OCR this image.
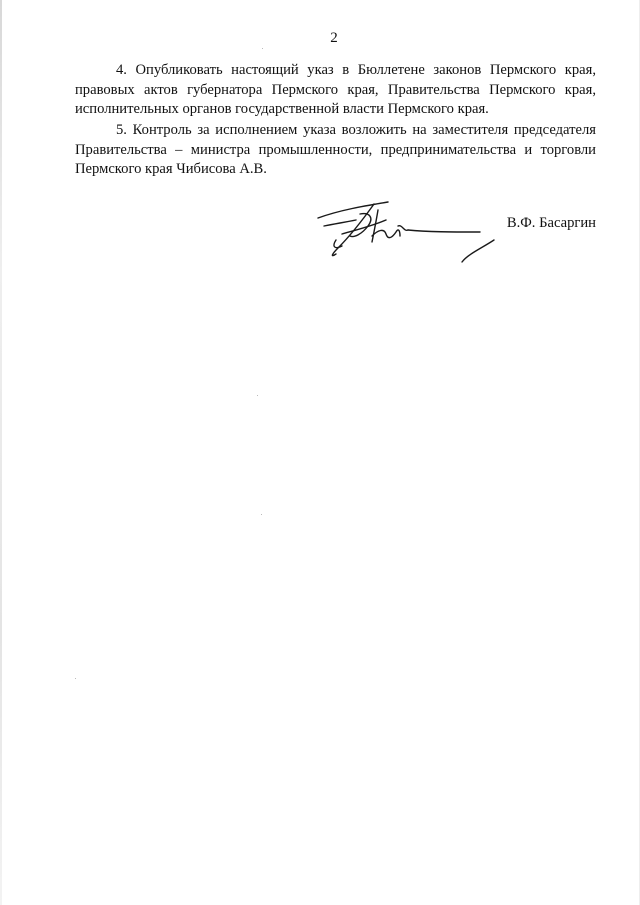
2

4. Опубликовать настоящий указ в Бюллетене законов Пермского края, правовых актов губернатора Пермского края, Правительства Пермского края, исполнительных органов государственной власти Пермского края.

5. Контроль за исполнением указа возложить на заместителя председателя Правительства – министра промышленности, предпринимательства и торговли Пермского края Чибисова А.В.

В.Ф. Басаргин
